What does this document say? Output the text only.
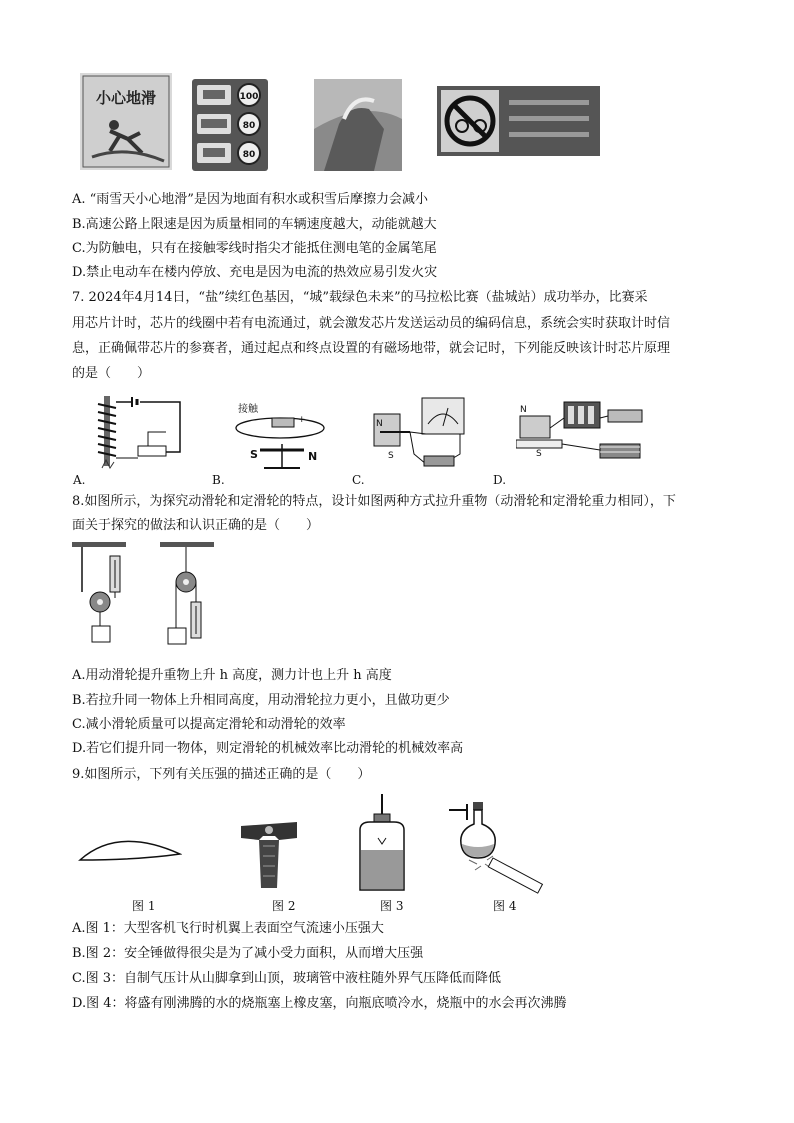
小心地滑	100
80
80
A. “雨雪天小心地滑”是因为地面有积水或积雪后摩擦力会减小
B.高速公路上限速是因为质量相同的车辆速度越大，动能就越大
C.为防触电，只有在接触零线时指尖才能抵住测电笔的金属笔尾
D.禁止电动车在楼内停放、充电是因为电流的热效应易引发火灾
7. 2024年4月14日，“盐”续红色基因，“城”载绿色未来”的马拉松比赛（盐城站）成功举办，比赛采
用芯片计时，芯片的线圈中若有电流通过，就会激发芯片发送运动员的编码信息，系统会实时获取计时信
息，正确佩带芯片的参赛者，通过起点和终点设置的有磁场地带，就会记时，下列能反映该计时芯片原理
的是（　　）
A.
接触
+
S	N
B.
N
S
C.
N
S
D.
8.如图所示，为探究动滑轮和定滑轮的特点，设计如图两种方式拉升重物（动滑轮和定滑轮重力相同），下
面关于探究的做法和认识正确的是（　　）
A.用动滑轮提升重物上升 h 高度，测力计也上升 h 高度
B.若拉升同一物体上升相同高度，用动滑轮拉力更小，且做功更少
C.减小滑轮质量可以提高定滑轮和动滑轮的效率
D.若它们提升同一物体，则定滑轮的机械效率比动滑轮的机械效率高
9.如图所示，下列有关压强的描述正确的是（　　）
图 1	图 2	图 3	图 4
A.图 1：大型客机飞行时机翼上表面空气流速小压强大
B.图 2：安全锤做得很尖是为了减小受力面积，从而增大压强
C.图 3：自制气压计从山脚拿到山顶，玻璃管中液柱随外界气压降低而降低
D.图 4：将盛有刚沸腾的水的烧瓶塞上橡皮塞，向瓶底喷冷水，烧瓶中的水会再次沸腾
